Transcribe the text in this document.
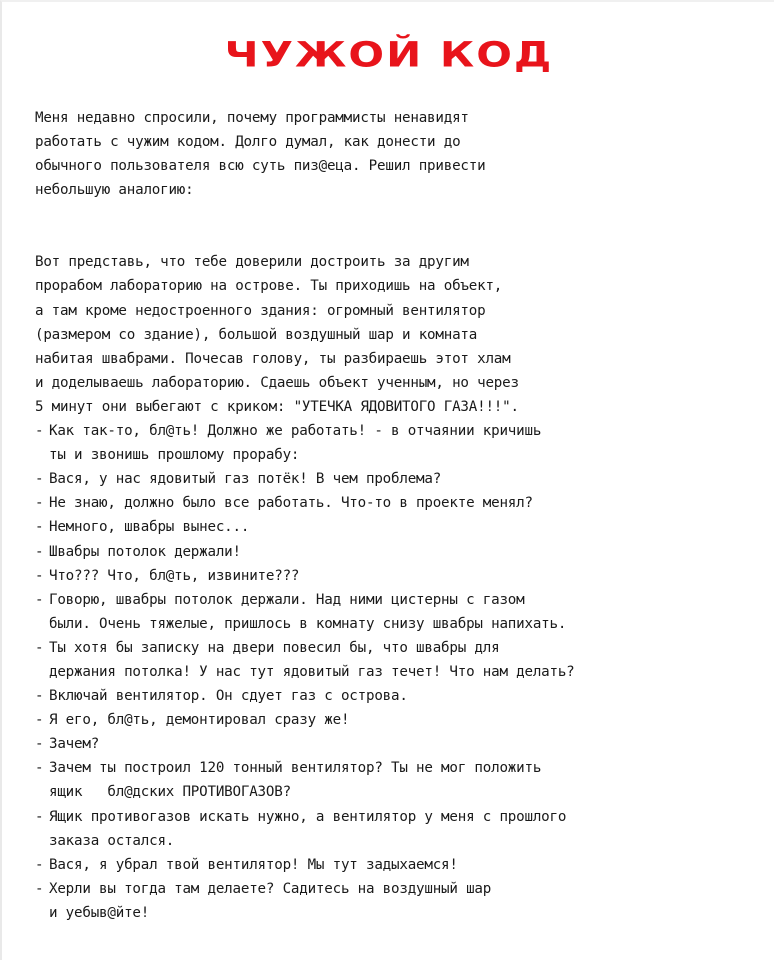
ЧУЖОЙ КОД
Меня недавно спросили, почему программисты ненавидят
работать с чужим кодом. Долго думал, как донести до
обычного пользователя всю суть пиз@еца. Решил привести
небольшую аналогию:
Вот представь, что тебе доверили достроить за другим
прорабом лабораторию на острове. Ты приходишь на объект,
а там кроме недостроенного здания: огромный вентилятор
(размером со здание), большой воздушный шар и комната
набитая швабрами. Почесав голову, ты разбираешь этот хлам
и доделываешь лабораторию. Сдаешь объект ученным, но через
5 минут они выбегают с криком: "УТЕЧКА ЯДОВИТОГО ГАЗА!!!".
- Как так-то, бл@ть! Должно же работать! - в отчаянии кричишь
ты и звонишь прошлому прорабу:
- Вася, у нас ядовитый газ потёк! В чем проблема?
- Не знаю, должно было все работать. Что-то в проекте менял?
- Немного, швабры вынес...
- Швабры потолок держали!
- Что??? Что, бл@ть, извините???
- Говорю, швабры потолок держали. Над ними цистерны с газом
были. Очень тяжелые, пришлось в комнату снизу швабры напихать.
- Ты хотя бы записку на двери повесил бы, что швабры для
держания потолка! У нас тут ядовитый газ течет! Что нам делать?
- Включай вентилятор. Он сдует газ с острова.
- Я его, бл@ть, демонтировал сразу же!
- Зачем?
- Зачем ты построил 120 тонный вентилятор? Ты не мог положить
ящик   бл@дских ПРОТИВОГАЗОВ?
- Ящик противогазов искать нужно, а вентилятор у меня с прошлого
заказа остался.
- Вася, я убрал твой вентилятор! Мы тут задыхаемся!
- Херли вы тогда там делаете? Садитесь на воздушный шар
и уебыв@йте!
